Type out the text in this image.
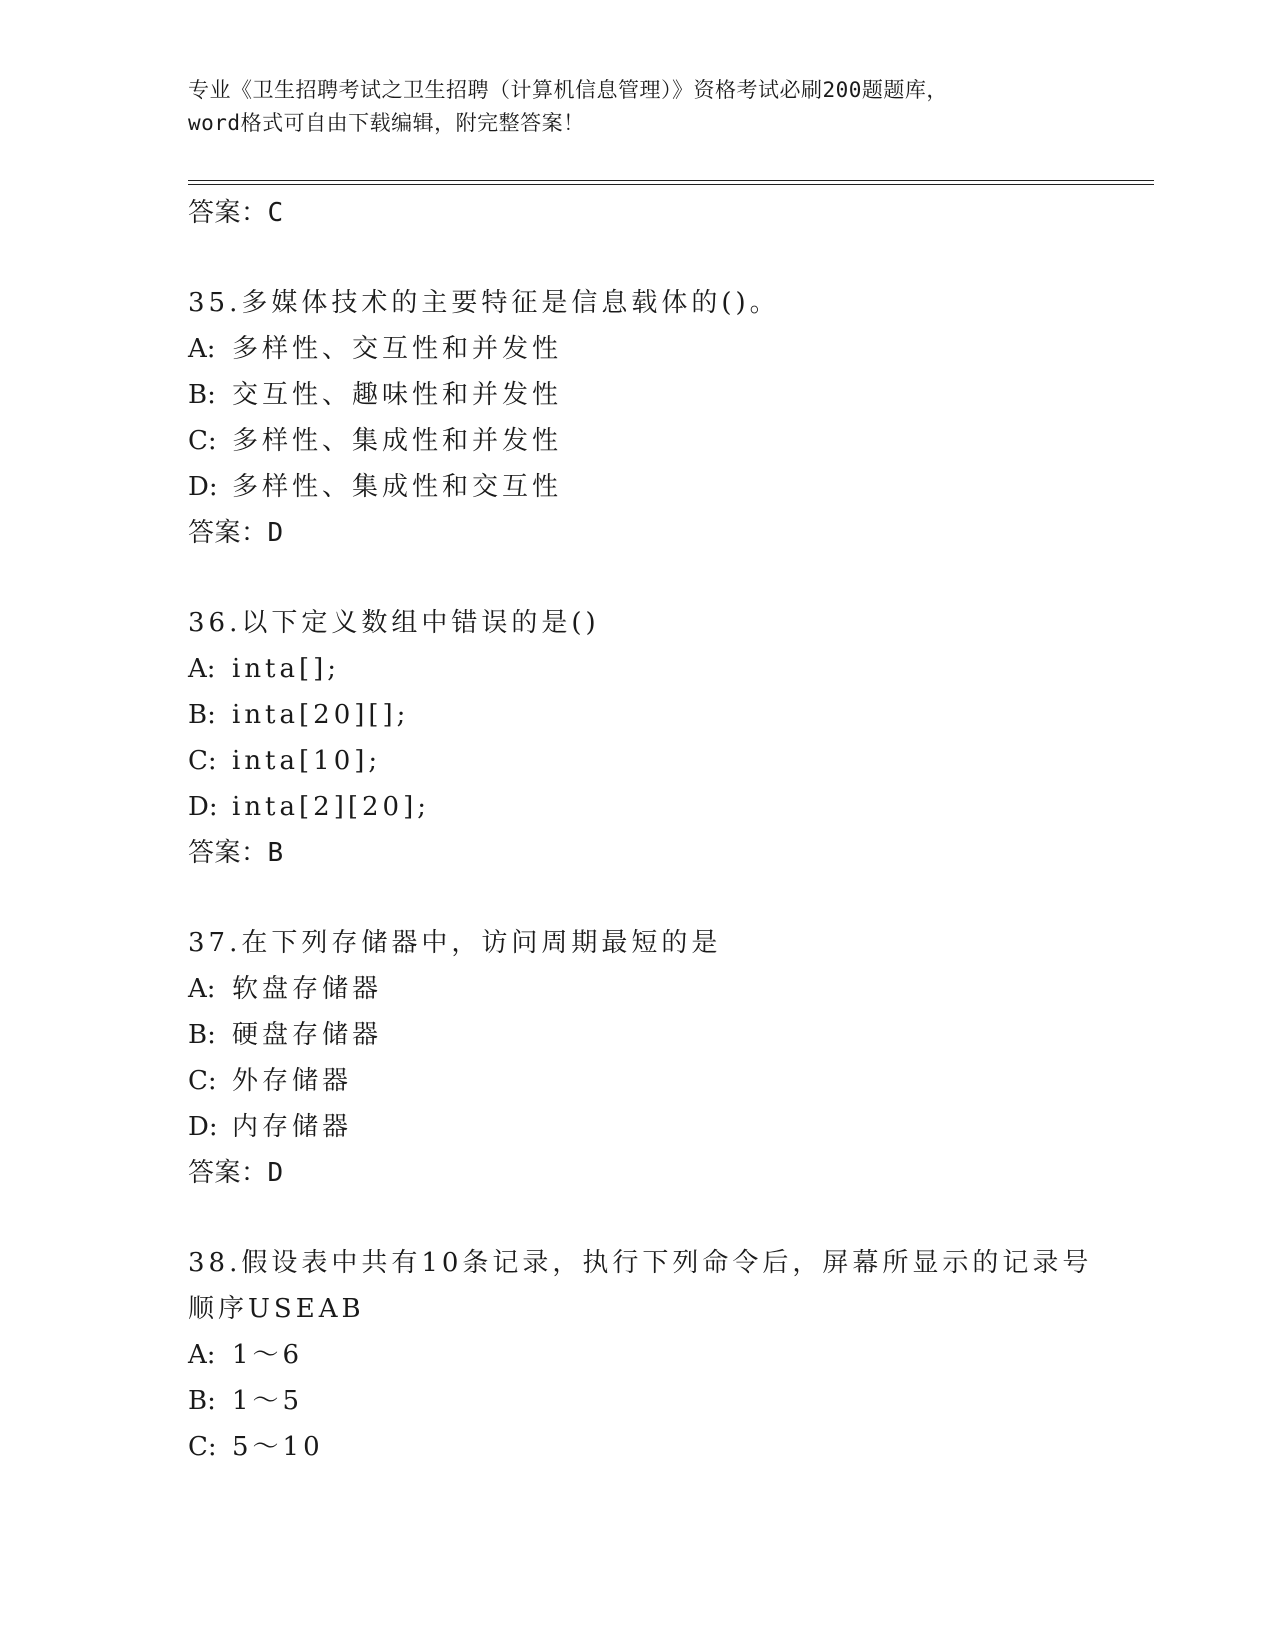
专业《卫生招聘考试之卫生招聘（计算机信息管理）》资格考试必刷200题题库，
word格式可自由下载编辑，附完整答案！
答案：C
35.多媒体技术的主要特征是信息载体的()。
A: 多样性、交互性和并发性
B: 交互性、趣味性和并发性
C: 多样性、集成性和并发性
D: 多样性、集成性和交互性
答案：D
36.以下定义数组中错误的是()
A: inta[];
B: inta[20][];
C: inta[10];
D: inta[2][20];
答案：B
37.在下列存储器中，访问周期最短的是
A: 软盘存储器
B: 硬盘存储器
C: 外存储器
D: 内存储器
答案：D
38.假设表中共有10条记录，执行下列命令后，屏幕所显示的记录号
顺序USEAB
A: 1～6
B: 1～5
C: 5～10
